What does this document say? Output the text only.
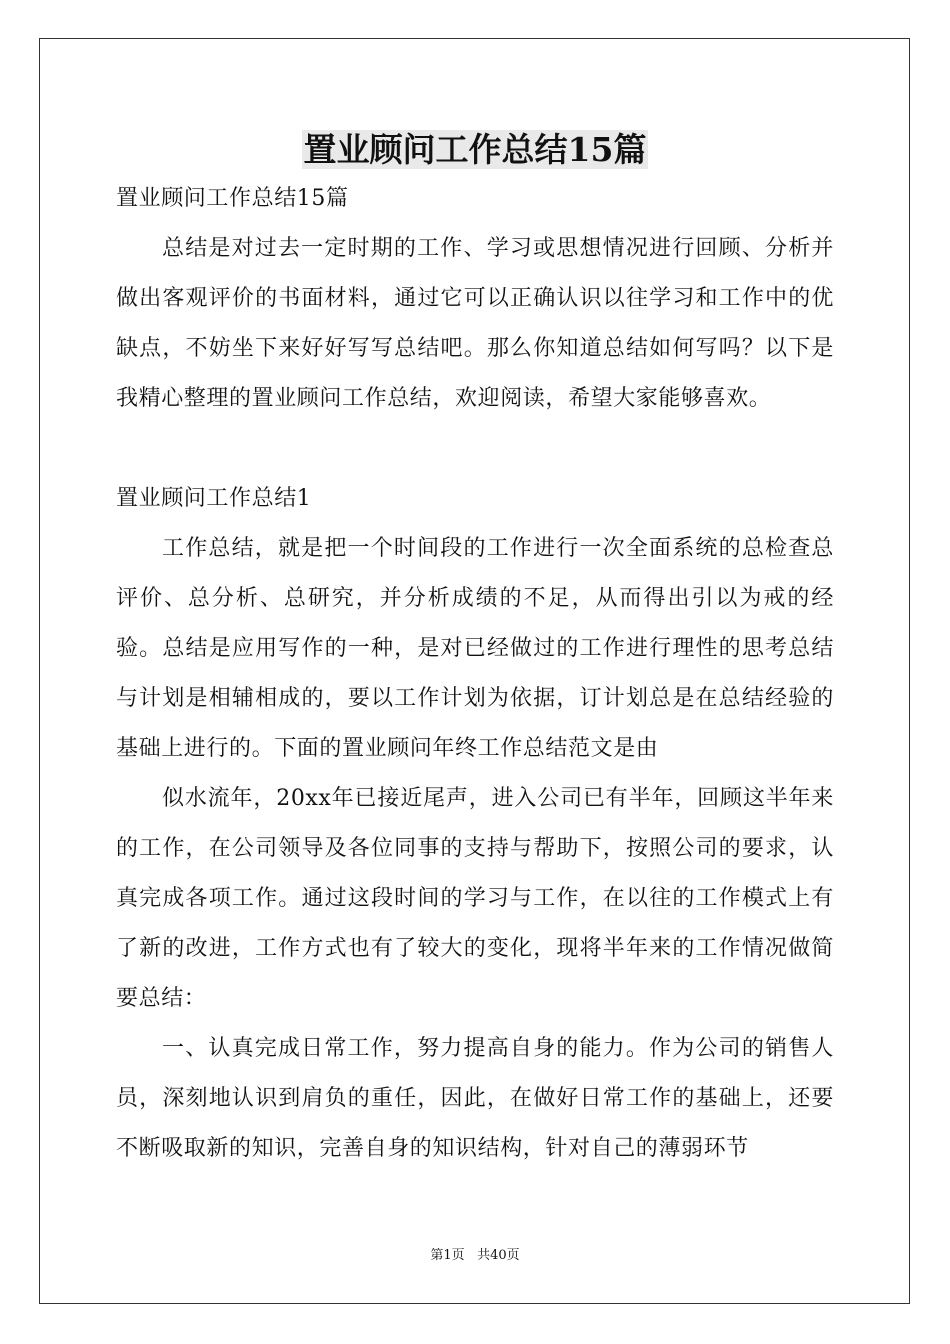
置业顾问工作总结15篇

置业顾问工作总结15篇

总结是对过去一定时期的工作、学习或思想情况进行回顾、分析并做出客观评价的书面材料，通过它可以正确认识以往学习和工作中的优缺点，不妨坐下来好好写写总结吧。那么你知道总结如何写吗？以下是我精心整理的置业顾问工作总结，欢迎阅读，希望大家能够喜欢。

置业顾问工作总结1

工作总结，就是把一个时间段的工作进行一次全面系统的总检查总评价、总分析、总研究，并分析成绩的不足，从而得出引以为戒的经验。总结是应用写作的一种，是对已经做过的工作进行理性的思考总结与计划是相辅相成的，要以工作计划为依据，订计划总是在总结经验的基础上进行的。下面的置业顾问年终工作总结范文是由

似水流年，20xx年已接近尾声，进入公司已有半年，回顾这半年来的工作，在公司领导及各位同事的支持与帮助下，按照公司的要求，认真完成各项工作。通过这段时间的学习与工作，在以往的工作模式上有了新的改进，工作方式也有了较大的变化，现将半年来的工作情况做简要总结：

一、认真完成日常工作，努力提高自身的能力。作为公司的销售人员，深刻地认识到肩负的重任，因此，在做好日常工作的基础上，还要不断吸取新的知识，完善自身的知识结构，针对自己的薄弱环节

第1页 共40页
